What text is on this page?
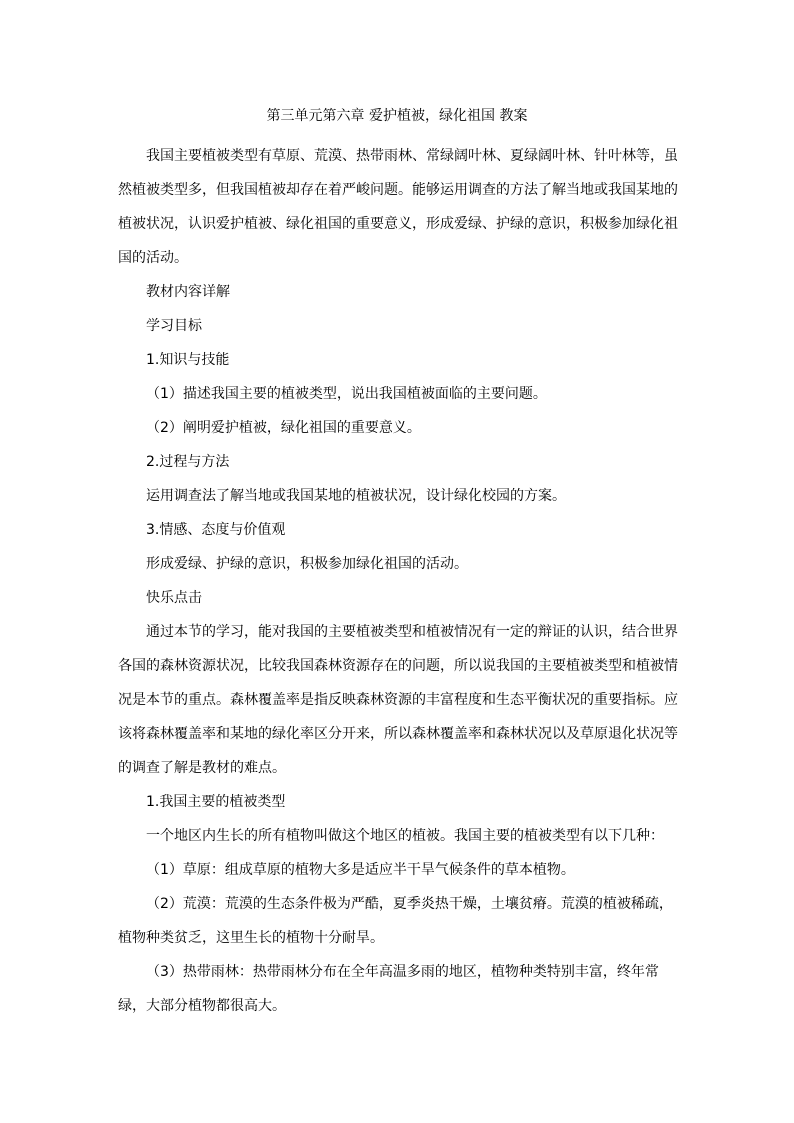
第三单元第六章 爱护植被，绿化祖国 教案

我国主要植被类型有草原、荒漠、热带雨林、常绿阔叶林、夏绿阔叶林、针叶林等，虽然植被类型多，但我国植被却存在着严峻问题。能够运用调查的方法了解当地或我国某地的植被状况，认识爱护植被、绿化祖国的重要意义，形成爱绿、护绿的意识，积极参加绿化祖国的活动。

教材内容详解

学习目标

1.知识与技能

（1）描述我国主要的植被类型，说出我国植被面临的主要问题。

（2）阐明爱护植被，绿化祖国的重要意义。

2.过程与方法

运用调查法了解当地或我国某地的植被状况，设计绿化校园的方案。

3.情感、态度与价值观

形成爱绿、护绿的意识，积极参加绿化祖国的活动。

快乐点击

通过本节的学习，能对我国的主要植被类型和植被情况有一定的辩证的认识，结合世界各国的森林资源状况，比较我国森林资源存在的问题，所以说我国的主要植被类型和植被情况是本节的重点。森林覆盖率是指反映森林资源的丰富程度和生态平衡状况的重要指标。应该将森林覆盖率和某地的绿化率区分开来，所以森林覆盖率和森林状况以及草原退化状况等的调查了解是教材的难点。

1.我国主要的植被类型

一个地区内生长的所有植物叫做这个地区的植被。我国主要的植被类型有以下几种：

（1）草原：组成草原的植物大多是适应半干旱气候条件的草本植物。

（2）荒漠：荒漠的生态条件极为严酷，夏季炎热干燥，土壤贫瘠。荒漠的植被稀疏，植物种类贫乏，这里生长的植物十分耐旱。

（3）热带雨林：热带雨林分布在全年高温多雨的地区，植物种类特别丰富，终年常绿，大部分植物都很高大。
